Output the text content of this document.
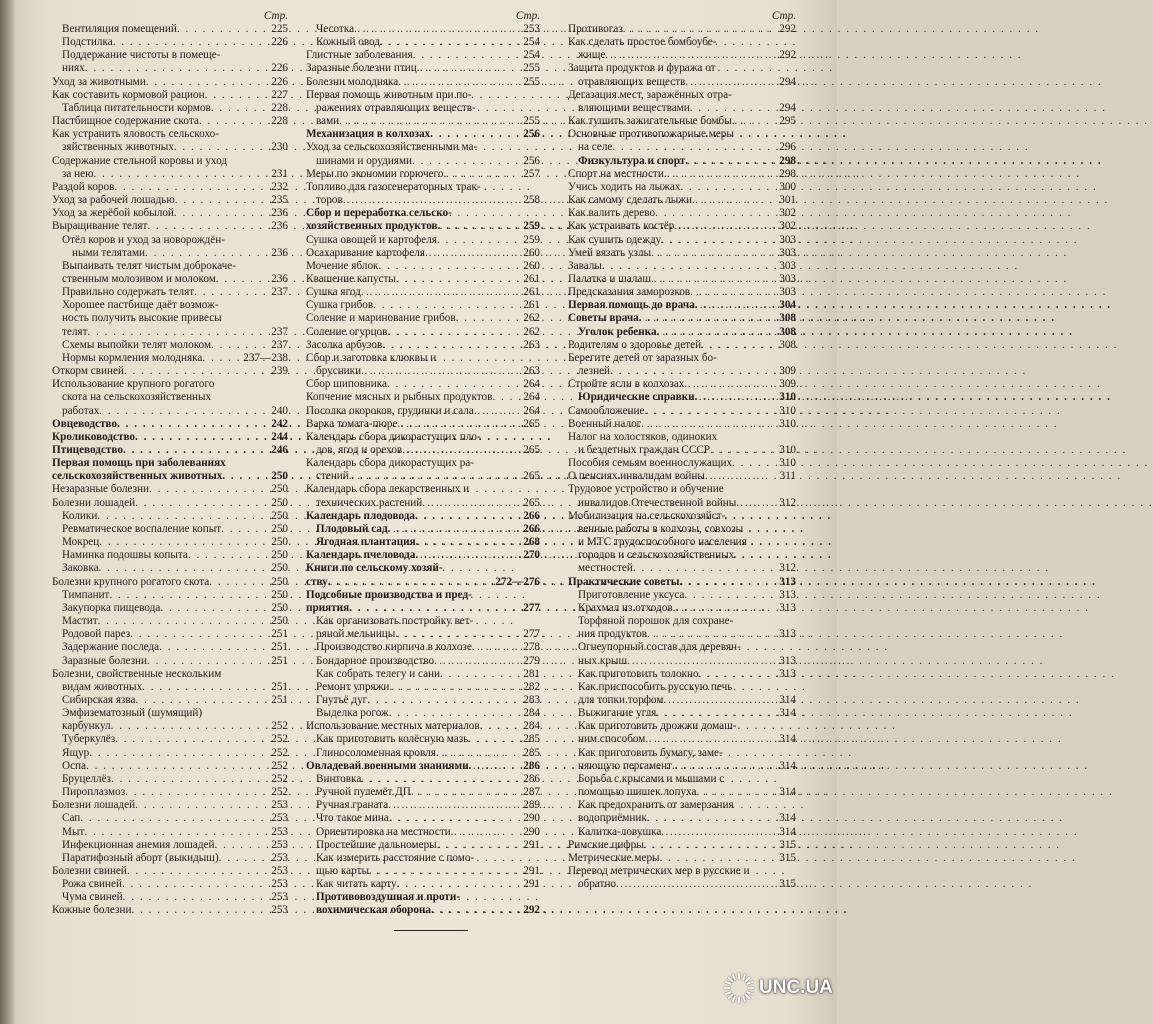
Стр.
Вентиляция помещений . . .	225
Подстилка . . .	226
Поддержание чистоты в помеще-
ниях . . .	226
Уход за животными . . .	226
Как составить кормовой рацион . . .	227
Таблица питательности кормов . . .	228
Пастбищное содержание скота . . .	228
Как устранить яловость сельскохо-
зяйственных животных . . .	230
Содержание стельной коровы и уход
за нею . . .	231
Раздой коров . . .	232
Уход за рабочей лошадью . . .	235
Уход за жерёбой кобылой . . .	236
Выращивание телят . . .	236
Отёл коров и уход за новорождён-
ными телятами . . .	236
Выпаивать телят чистым доброкаче-
ственным молозивом и молоком . . .	236
Правильно содержать телят . . .	237
Хорошее пастбище даёт возмож-
ность получить высокие привесы
телят . . .	237
Схемы выпойки телят молоком . . .	237
Нормы кормления молодняка . . .	237—238
Откорм свиней . . .	239
Использование крупного рогатого
скота на сельскохозяйственных
работах . . .	240
Овцеводство . . .	242
Кролиководство . . .	244
Птицеводство . . .	246
Первая помощь при заболеваниях
сельскохозяйственных животных . . .	250
Незаразные болезни . . .	250
Болезни лошадей . . .	250
Колики . . .	250
Ревматическое воспаление копыт . . .	250
Мокрец . . .	250
Наминка подошвы копыта . . .	250
Заковка . . .	250
Болезни крупного рогатого скота . . .	250
Тимпанит . . .	250
Закупорка пищевода . . .	250
Мастит . . .	250
Родовой парез . . .	251
Задержание последа . . .	251
Заразные болезни . . .	251
Болезни, свойственные нескольким
видам животных . . .	251
Сибирская язва . . .	251
Эмфизематозный (шумящий)
карбункул . . .	252
Туберкулёз . . .	252
Ящур . . .	252
Оспа . . .	252
Бруцеллёз . . .	252
Пироплазмоз . . .	252
Болезни лошадей . . .	253
Сап . . .	253
Мыт . . .	253
Инфекционная анемия лошадей . . .	253
Паратифозный аборт (выкидыш) . . .	253
Болезни свиней . . .	253
Рожа свиней . . .	253
Чума свиней . . .	253
Кожные болезни . . .	253
Стр.
Чесотка . . .	253
Кожный овод . . .	254
Глистные заболевания . . .	254
Заразные болезни птиц . . .	255
Болезни молодняка . . .	255
Первая помощь животным при по-
ражениях отравляющих веществ-
вами . . .	255
Механизация в колхозах . . .	256
Уход за сельскохозяйственными ма-
шинами и орудиями . . .	256
Меры по экономии горючего . . .	257
Топливо для газогенераторных трак-
торов . . .	258
Сбор и переработка сельско-
хозяйственных продуктов . . .	259
Сушка овощей и картофеля . . .	259
Осахаривание картофеля . . .	260
Мочение яблок . . .	260
Квашение капусты . . .	261
Сушка ягод . . .	261
Сушка грибов . . .	261
Соление и маринование грибов . . .	262
Соление огурцов . . .	262
Засолка арбузов . . .	263
Сбор и заготовка клюквы и
брусники . . .	263
Сбор шиповника . . .	264
Копчение мясных и рыбных продуктов . . .	264
Посолка окороков, грудинки и сала . . .	264
Варка томата-пюре . . .	265
Календарь сбора дикорастущих пло-
дов, ягод и орехов . . .	265
Календарь сбора дикорастущих ра-
стений . . .	265
Календарь сбора лекарственных и
технических растений . . .	265
Календарь плодовода . . .	266
Плодовый сад . . .	266
Ягодная плантация . . .	268
Календарь пчеловода . . .	270
Книги по сельскому хозяй-
ству . . .	272—276
Подсобные производства и пред-
приятия . . .	277
Как организовать постройку вет-
ряной мельницы . . .	277
Производство кирпича в колхозе . . .	278
Бондарное производство . . .	279
Как собрать телегу и сани . . .	281
Ремонт упряжи . . .	282
Гнутьё дуг . . .	283
Выделка рогож . . .	284
Использование местных материалов . . .	284
Как приготовить колёсную мазь . . .	285
Глиносоломенная кровля . . .	285
Овладевай военными знаниями . . .	286
Винтовка . . .	286
Ручной пулемёт ДП . . .	287
Ручная граната . . .	289
Что такое мина . . .	290
Ориентировка на местности . . .	290
Простейшие дальномеры . . .	291
Как измерить расстояние с помо-
щью карты . . .	291
Как читать карту . . .	291
Противовоздушная и проти-
вохимическая оборона . . .	292
Стр.
Противогаз . . .	292
Как сделать простое бомбоубе-
жище . . .	292
Защита продуктов и фуража от
отравляющих веществ . . .	294
Дегазация мест, заражённых отра-
вляющими веществами . . .	294
Как тушить зажигательные бомбы . . .	295
Основные противопожарные меры
на селе . . .	296
Физкультура и спорт . . .	298
Спорт на местности . . .	298
Учись ходить на лыжах . . .	300
Как самому сделать лыжи . . .	301
Как валить дерево . . .	302
Как устраивать костёр . . .	302
Как сушить одежду . . .	303
Умей вязать узлы . . .	303
Завалы . . .	303
Палатка и шалаш . . .	303
Предсказания заморозков . . .	303
Первая помощь до врача . . .	304
Советы врача . . .	308
Уголок ребенка . . .	308
Родителям о здоровье детей . . .	308
Берегите детей от заразных бо-
лезней . . .	309
Стройте ясли в колхозах . . .	309
Юридические справки . . .	310
Самообложение . . .	310
Военный налог . . .	310
Налог на холостяков, одиноких
и бездетных граждан СССР . . .	310
Пособия семьям военнослужащих . . .	310
О пенсиях инвалидам войны . . .	311
Трудовое устройство и обучение
инвалидов Отечественной войны . . .	312
Мобилизация на сельскохозяйст-
венные работы в колхозы, совхозы
и МТС трудоспособного населения
городов и сельскохозяйственных
местностей . . .	312
Практические советы . . .	313
Приготовление уксуса . . .	313
Крахмал из отходов . . .	313
Торфяной порошок для сохране-
ния продуктов . . .	313
Огнеупорный состав для деревян-
ных крыш . . .	313
Как приготовить толокно . . .	313
Как приспособить русскую печь
для топки торфом . . .	314
Выжигание угля . . .	314
Как приготовить дрожжи домаш-
ним способом . . .	314
Как приготовить бумагу, заме-
няющую пергамент . . .	314
Борьба с крысами и мышами с
помощью шишек лопуха . . .	314
Как предохранить от замерзания
водоприёмник . . .	314
Калитка-ловушка . . .	314
Римские цифры . . .	315
Метрические меры . . .	315
Перевод метрических мер в русские и
обратно . . .	315
UNC.UA
